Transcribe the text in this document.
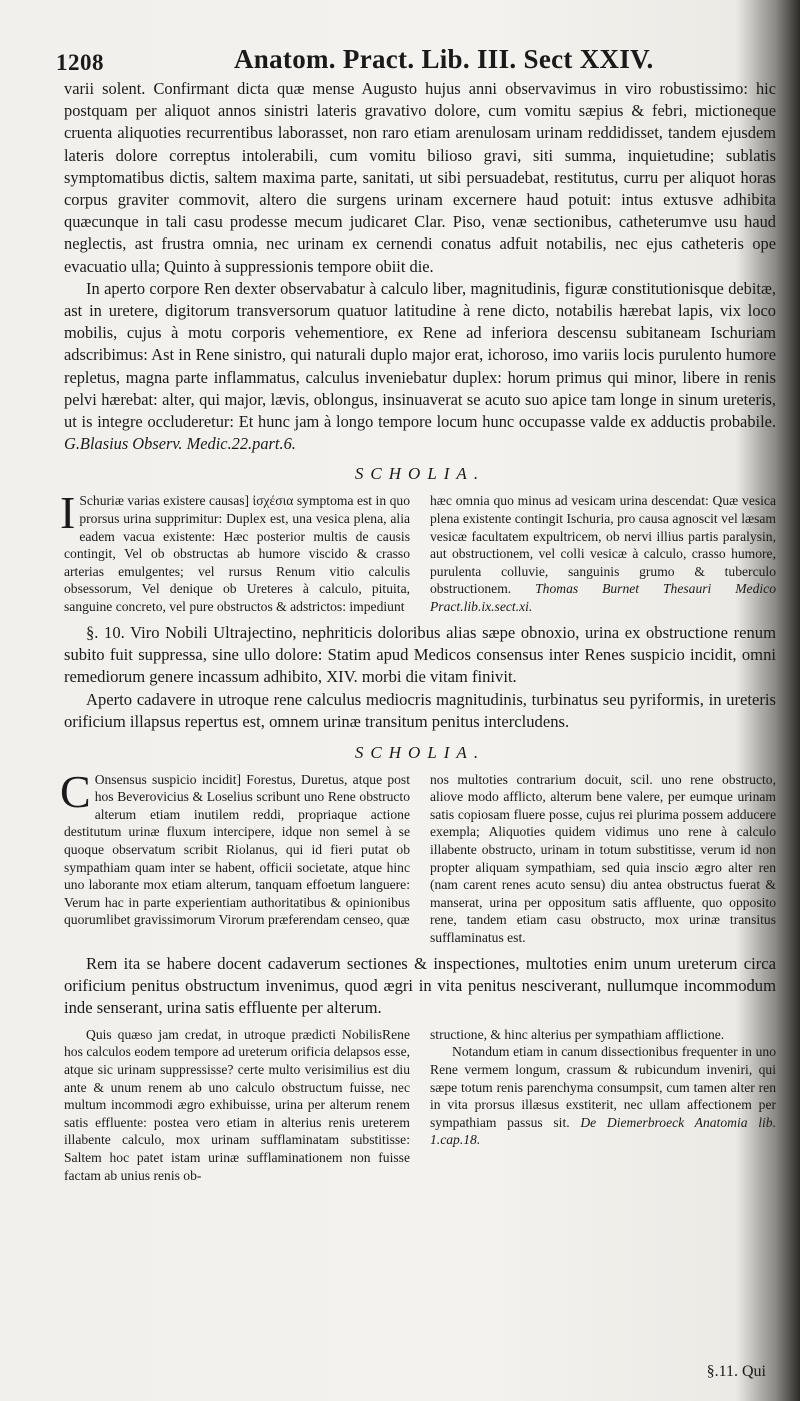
1208	Anatom. Pract. Lib. III. Sect XXIV.

varii solent. Confirmant dicta quæ mense Augusto hujus anni observavimus in viro robustissimo: hic postquam per aliquot annos sinistri lateris gravativo dolore, cum vomitu sæpius & febri, mictioneque cruenta aliquoties recurrentibus laborasset, non raro etiam arenulosam urinam reddidisset, tandem ejusdem lateris dolore correptus intolerabili, cum vomitu bilioso gravi, siti summa, inquietudine; sublatis symptomatibus dictis, saltem maxima parte, sanitati, ut sibi persuadebat, restitutus, curru per aliquot horas corpus graviter commovit, altero die surgens urinam excernere haud potuit: intus extusve adhibita quæcunque in tali casu prodesse mecum judicaret Clar. Piso, venæ sectionibus, catheterumve usu haud neglectis, ast frustra omnia, nec urinam ex cernendi conatus adfuit notabilis, nec ejus catheteris ope evacuatio ulla; Quinto à suppressionis tempore obiit die.

In aperto corpore Ren dexter observabatur à calculo liber, magnitudinis, figuræ constitutionisque debitæ, ast in uretere, digitorum transversorum quatuor latitudine à rene dicto, notabilis hærebat lapis, vix loco mobilis, cujus à motu corporis vehementiore, ex Rene ad inferiora descensu subitaneam Ischuriam adscribimus: Ast in Rene sinistro, qui naturali duplo major erat, ichoroso, imo variis locis purulento humore repletus, magna parte inflammatus, calculus inveniebatur duplex: horum primus qui minor, libere in renis pelvi hærebat: alter, qui major, lævis, oblongus, insinuaverat se acuto suo apice tam longe in sinum ureteris, ut is integre occluderetur: Et hunc jam à longo tempore locum hunc occupasse valde ex adductis probabile. G.Blasius Observ. Medic.22.part.6.

SCHOLIA.

I Schuriæ varias existere causas] ἰσχέσια symptoma est in quo prorsus urina supprimitur: Duplex est, una vesica plena, alia eadem vacua existente: Hæc posterior multis de causis contingit, Vel ob obstructas ab humore viscido & crasso arterias emulgentes; vel rursus Renum vitio calculis obsessorum, Vel denique ob Ureteres à calculo, pituita, sanguine concreto, vel pure obstructos & adstrictos: impediunt

hæc omnia quo minus ad vesicam urina descendat: Quæ vesica plena existente contingit Ischuria, pro causa agnoscit vel læsam vesicæ facultatem expultricem, ob nervi illius partis paralysin, aut obstructionem, vel colli vesicæ à calculo, crasso humore, purulenta colluvie, sanguinis grumo & tuberculo obstructionem. Thomas Burnet Thesauri Medico Pract.lib.ix.sect.xi.

§. 10. Viro Nobili Ultrajectino, nephriticis doloribus alias sæpe obnoxio, urina ex obstructione renum subito fuit suppressa, sine ullo dolore: Statim apud Medicos consensus inter Renes suspicio incidit, omni remediorum genere incassum adhibito, XIV. morbi die vitam finivit.

Aperto cadavere in utroque rene calculus mediocris magnitudinis, turbinatus seu pyriformis, in ureteris orificium illapsus repertus est, omnem urinæ transitum penitus intercludens.

SCHOLIA.

C Onsensus suspicio incidit] Forestus, Duretus, atque post hos Beverovicius & Loselius scribunt uno Rene obstructo alterum etiam inutilem reddi, propriaque actione destitutum urinæ fluxum intercipere, idque non semel à se quoque observatum scribit Riolanus, qui id fieri putat ob sympathiam quam inter se habent, officii societate, atque hinc uno laborante mox etiam alterum, tanquam effoetum languere: Verum hac in parte experientiam authoritatibus & opinionibus quorumlibet gravissimorum Virorum præferendam censeo, quæ

nos multoties contrarium docuit, scil. uno rene obstructo, aliove modo afflicto, alterum bene valere, per eumque urinam satis copiosam fluere posse, cujus rei plurima possem adducere exempla; Aliquoties quidem vidimus uno rene à calculo illabente obstructo, urinam in totum substitisse, verum id non propter aliquam sympathiam, sed quia inscio ægro alter ren (nam carent renes acuto sensu) diu antea obstructus fuerat & manserat, urina per oppositum satis affluente, quo opposito rene, tandem etiam casu obstructo, mox urinæ transitus sufflaminatus est.

Rem ita se habere docent cadaverum sectiones & inspectiones, multoties enim unum ureterum circa orificium penitus obstructum invenimus, quod ægri in vita penitus nesciverant, nullumque incommodum inde senserant, urina satis effluente per alterum.

Quis quæso jam credat, in utroque prædicti NobilisRene hos calculos eodem tempore ad ureterum orificia delapsos esse, atque sic urinam suppressisse? certe multo verisimilius est diu ante & unum renem ab uno calculo obstructum fuisse, nec multum incommodi ægro exhibuisse, urina per alterum renem satis effluente: postea vero etiam in alterius renis ureterem illabente calculo, mox urinam sufflaminatam substitisse: Saltem hoc patet istam urinæ sufflaminationem non fuisse factam ab unius renis ob-

structione, & hinc alterius per sympathiam afflictione.

Notandum etiam in canum dissectionibus frequenter in uno Rene vermem longum, crassum & rubicundum inveniri, qui sæpe totum renis parenchyma consumpsit, cum tamen alter ren in vita prorsus illæsus exstiterit, nec ullam affectionem per sympathiam passus sit. De Diemerbroeck Anatomia lib. 1.cap.18.

§.11. Qui
